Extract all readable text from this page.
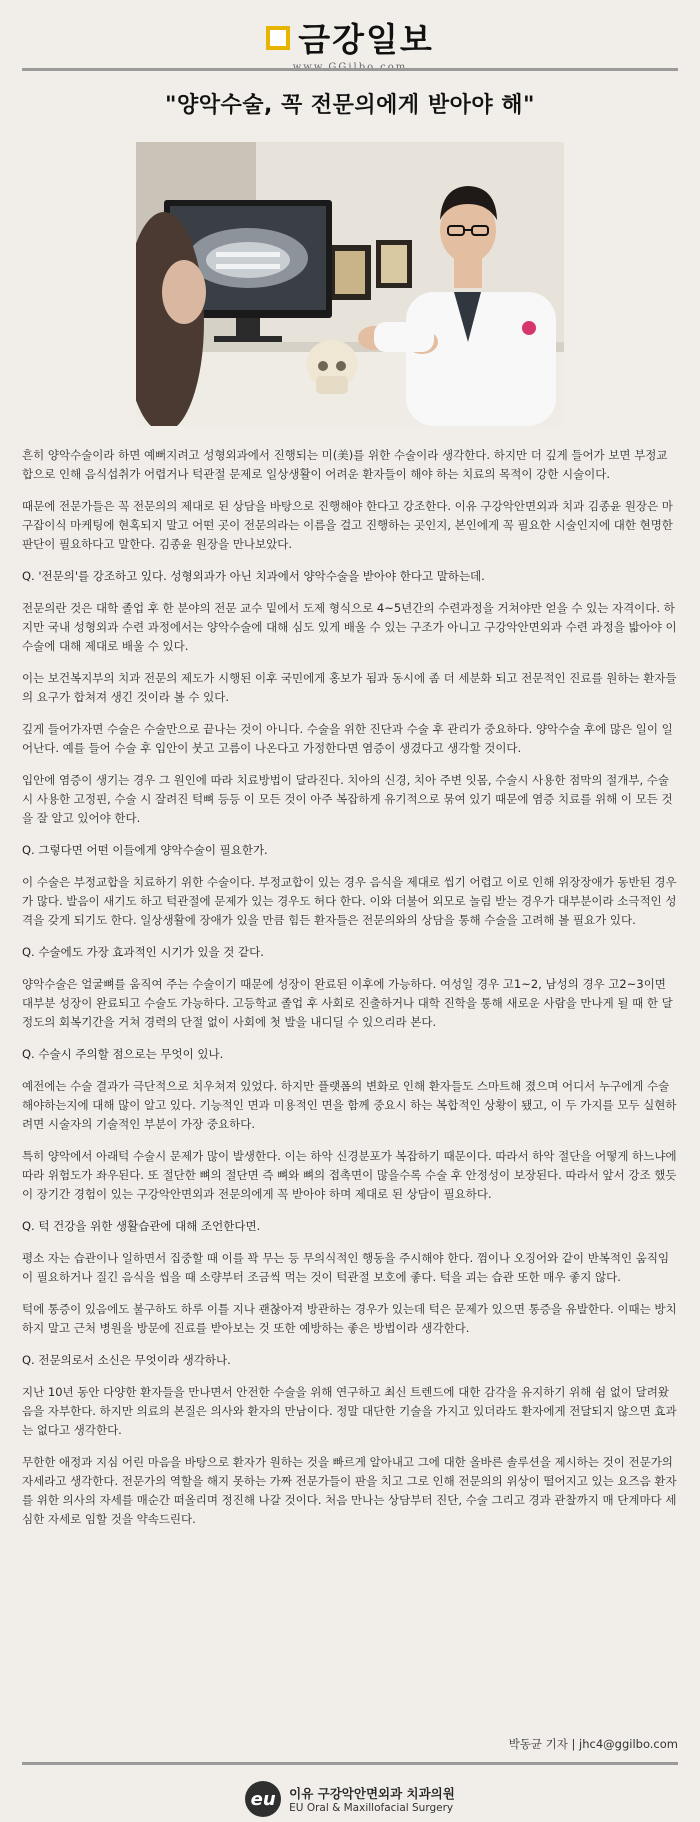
금강일보
"양악수술, 꼭 전문의에게 받아야 해"

흔히 양악수술이라 하면 예뻐지려고 성형외과에서 진행되는 미(美)를 위한 수술이라 생각한다. 하지만 더 깊게 들어가 보면 부정교합으로 인해 음식섭취가 어렵거나 턱관절 문제로 일상생활이 어려운 환자들이 해야 하는 치료의 목적이 강한 시술이다.

때문에 전문가들은 꼭 전문의의 제대로 된 상담을 바탕으로 진행해야 한다고 강조한다. 이유 구강악안면외과 치과 김종윤 원장은 마구잡이식 마케팅에 현혹되지 말고 어떤 곳이 전문의라는 이름을 걸고 진행하는 곳인지, 본인에게 꼭 필요한 시술인지에 대한 현명한 판단이 필요하다고 말한다. 김종윤 원장을 만나보았다.

Q. '전문의'를 강조하고 있다. 성형외과가 아닌 치과에서 양악수술을 받아야 한다고 말하는데.

전문의란 것은 대학 졸업 후 한 분야의 전문 교수 밑에서 도제 형식으로 4~5년간의 수련과정을 거쳐야만 얻을 수 있는 자격이다. 하지만 국내 성형외과 수련 과정에서는 양악수술에 대해 심도 있게 배울 수 있는 구조가 아니고 구강악안면외과 수련 과정을 밟아야 이 수술에 대해 제대로 배울 수 있다.

이는 보건복지부의 치과 전문의 제도가 시행된 이후 국민에게 홍보가 됨과 동시에 좀 더 세분화 되고 전문적인 진료를 원하는 환자들의 요구가 합쳐져 생긴 것이라 볼 수 있다.

깊게 들어가자면 수술은 수술만으로 끝나는 것이 아니다. 수술을 위한 진단과 수술 후 관리가 중요하다. 양악수술 후에 많은 일이 일어난다. 예를 들어 수술 후 입안이 붓고 고름이 나온다고 가정한다면 염증이 생겼다고 생각할 것이다.

입안에 염증이 생기는 경우 그 원인에 따라 치료방법이 달라진다. 치아의 신경, 치아 주변 잇몸, 수술시 사용한 점막의 절개부, 수술시 사용한 고정핀, 수술 시 잘려진 턱뼈 등등 이 모든 것이 아주 복잡하게 유기적으로 묶여 있기 때문에 염증 치료를 위해 이 모든 것을 잘 알고 있어야 한다.

Q. 그렇다면 어떤 이들에게 양악수술이 필요한가.

이 수술은 부정교합을 치료하기 위한 수술이다. 부정교합이 있는 경우 음식을 제대로 씹기 어렵고 이로 인해 위장장애가 동반된 경우가 많다. 발음이 새기도 하고 턱관절에 문제가 있는 경우도 허다 한다. 이와 더불어 외모로 놀림 받는 경우가 대부분이라 소극적인 성격을 갖게 되기도 한다. 일상생활에 장애가 있을 만큼 힘든 환자들은 전문의와의 상담을 통해 수술을 고려해 볼 필요가 있다.

Q. 수술에도 가장 효과적인 시기가 있을 것 같다.

양악수술은 얼굴뼈를 움직여 주는 수술이기 때문에 성장이 완료된 이후에 가능하다. 여성일 경우 고1~2, 남성의 경우 고2~3이면 대부분 성장이 완료되고 수술도 가능하다. 고등학교 졸업 후 사회로 진출하거나 대학 진학을 통해 새로운 사람을 만나게 될 때 한 달 정도의 회복기간을 거쳐 경력의 단절 없이 사회에 첫 발을 내디딜 수 있으리라 본다.

Q. 수술시 주의할 점으로는 무엇이 있나.

예전에는 수술 결과가 극단적으로 치우쳐져 있었다. 하지만 플랫폼의 변화로 인해 환자들도 스마트해 졌으며 어디서 누구에게 수술해야하는지에 대해 많이 알고 있다. 기능적인 면과 미용적인 면을 함께 중요시 하는 복합적인 상황이 됐고, 이 두 가지를 모두 실현하려면 시술자의 기술적인 부분이 가장 중요하다.

특히 양악에서 아래턱 수술시 문제가 많이 발생한다. 이는 하악 신경분포가 복잡하기 때문이다. 따라서 하악 절단을 어떻게 하느냐에 따라 위험도가 좌우된다. 또 절단한 뼈의 절단면 즉 뼈와 뼈의 접촉면이 많을수록 수술 후 안정성이 보장된다. 따라서 앞서 강조 했듯이 장기간 경험이 있는 구강악안면외과 전문의에게 꼭 받아야 하며 제대로 된 상담이 필요하다.

Q. 턱 건강을 위한 생활습관에 대해 조언한다면.

평소 자는 습관이나 일하면서 집중할 때 이를 꽉 무는 등 무의식적인 행동을 주시해야 한다. 껌이나 오징어와 같이 반복적인 움직임이 필요하거나 질긴 음식을 씹을 때 소량부터 조금씩 먹는 것이 턱관절 보호에 좋다. 턱을 괴는 습관 또한 매우 좋지 않다.

턱에 통증이 있음에도 불구하도 하루 이틀 지나 괜찮아져 방관하는 경우가 있는데 턱은 문제가 있으면 통증을 유발한다. 이때는 방치하지 말고 근처 병원을 방문에 진료를 받아보는 것 또한 예방하는 좋은 방법이라 생각한다.

Q. 전문의로서 소신은 무엇이라 생각하나.

지난 10년 동안 다양한 환자들을 만나면서 안전한 수술을 위해 연구하고 최신 트렌드에 대한 감각을 유지하기 위해 쉼 없이 달려왔음을 자부한다. 하지만 의료의 본질은 의사와 환자의 만남이다. 정말 대단한 기술을 가지고 있더라도 환자에게 전달되지 않으면 효과는 없다고 생각한다.

무한한 애정과 지심 어린 마음을 바탕으로 환자가 원하는 것을 빠르게 알아내고 그에 대한 올바른 솔루션을 제시하는 것이 전문가의 자세라고 생각한다. 전문가의 역할을 해지 못하는 가짜 전문가들이 판을 치고 그로 인해 전문의의 위상이 떨어지고 있는 요즈음 환자를 위한 의사의 자세를 매순간 떠올리며 정진해 나갈 것이다. 처음 만나는 상담부터 진단, 수술 그리고 경과 관찰까지 매 단계마다 세심한 자세로 임할 것을 약속드린다.

박동균 기자 | jhc4@ggilbo.com
eu	이유 구강악안면외과 치과의원
EU Oral & Maxillofacial Surgery
